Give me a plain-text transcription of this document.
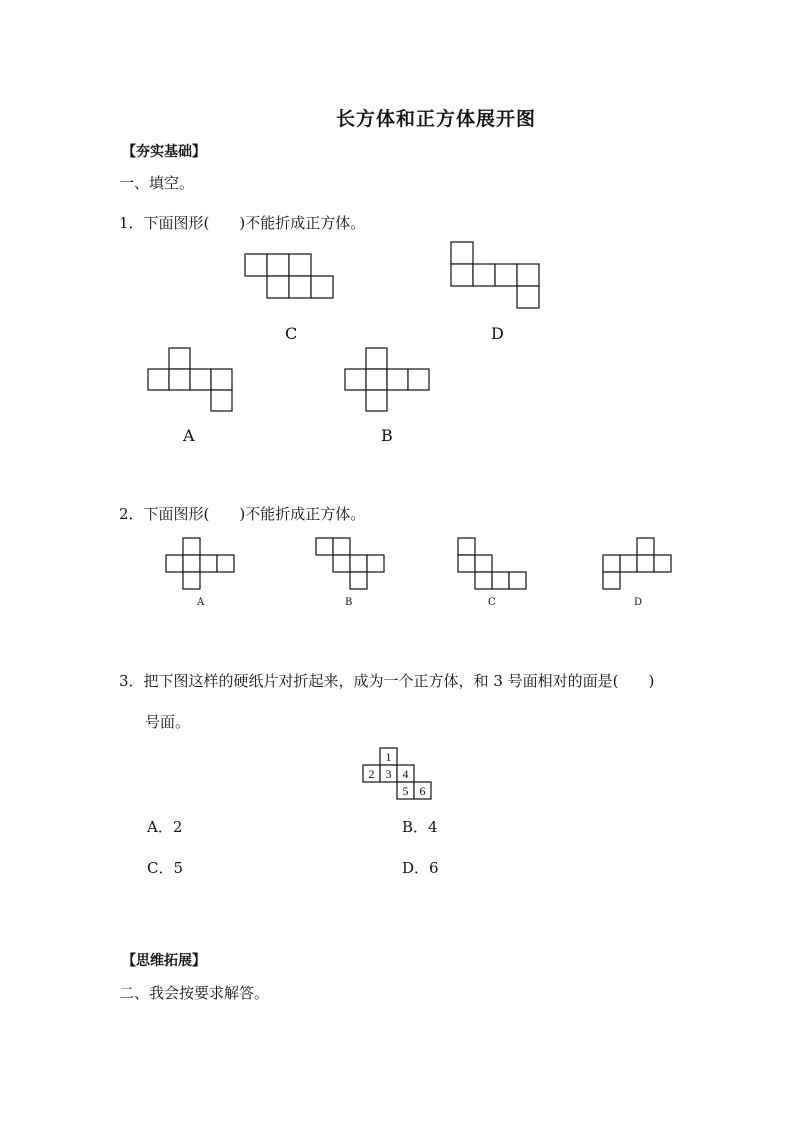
长方体和正方体展开图
【夯实基础】
一、填空。
1．下面图形(　　)不能折成正方体。
C	D
A	B
2．下面图形(　　)不能折成正方体。
A	B	C	D
3．把下图这样的硬纸片对折起来，成为一个正方体，和 3 号面相对的面是(　　)
号面。
1
2 3 4
5 6
A．2	B．4
C．5	D．6
【思维拓展】
二、我会按要求解答。
